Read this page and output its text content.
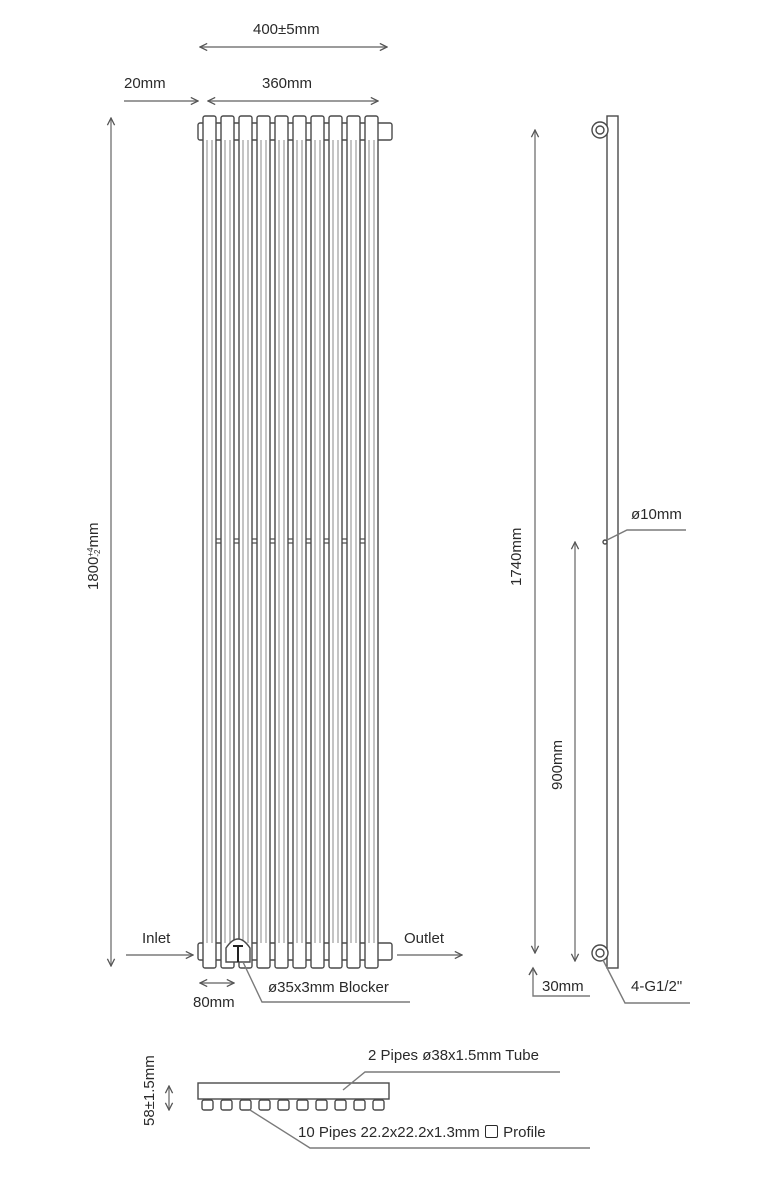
400±5mm
20mm	360mm
1800+4
-2mm
Inlet	Outlet
80mm
ø35x3mm Blocker
1740mm
ø10mm
900mm
30mm	4-G1/2"
58±1.5mm	2 Pipes ø38x1.5mm Tube
10 Pipes 22.2x22.2x1.3mm Profile
